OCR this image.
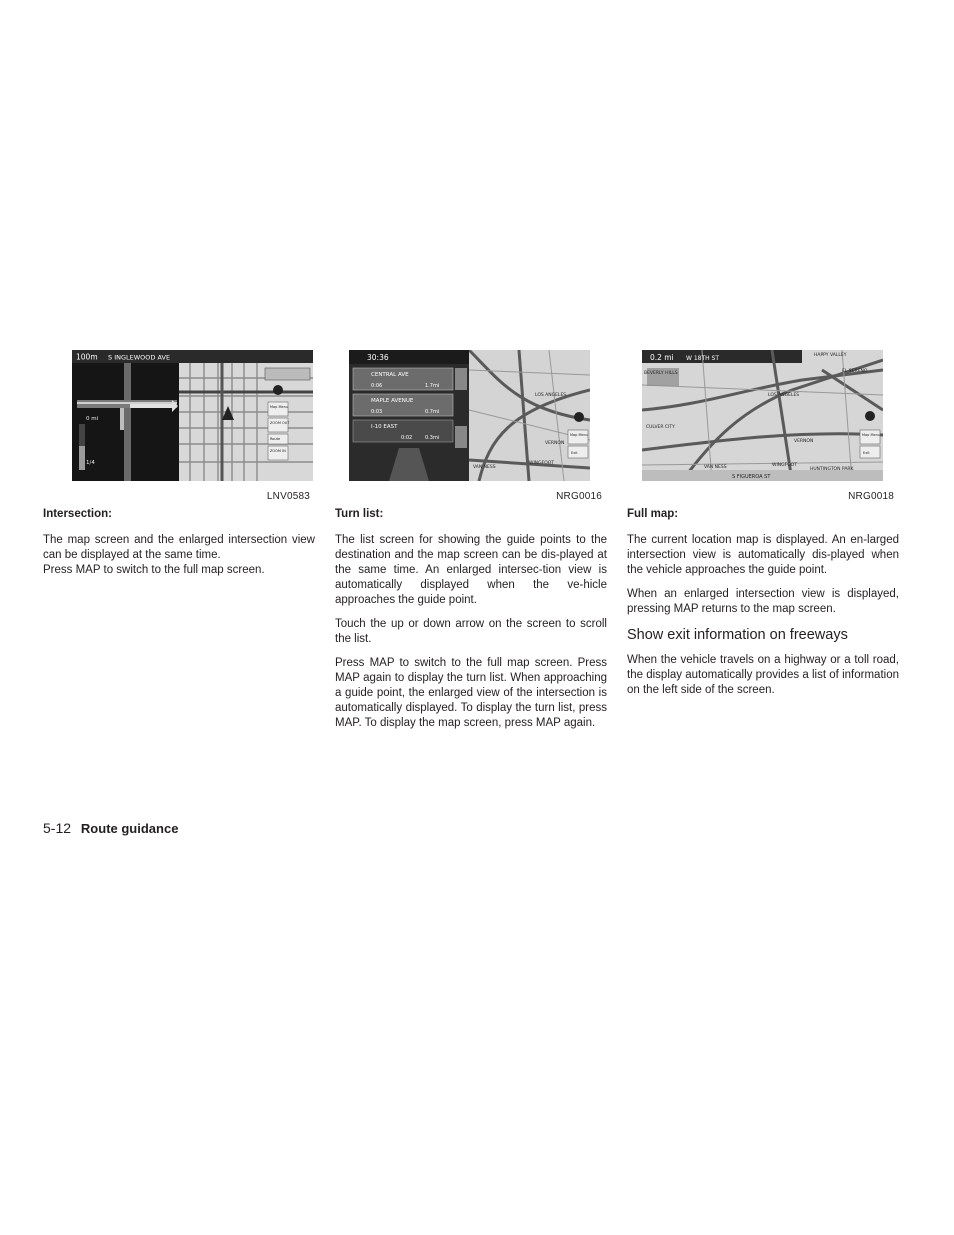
100m S INGLEWOOD AVE
0 mi
1/4
Map Menu
ZOOM OUT
Route
ZOOM IN
LNV0583
Intersection:

The map screen and the enlarged intersection view can be displayed at the same time.
Press MAP to switch to the full map screen.

30:36
CENTRAL AVE
0:06	1.7mi
MAPLE AVENUE
0:03	0.7mi
I-10 EAST
0:02	0.3mi
LOS ANGELES
VERNON
WINGFOOT
VAN NESS
Map Menu
Exit
NRG0016
Turn list:

The list screen for showing the guide points to the destination and the map screen can be dis-played at the same time. An enlarged intersec-tion view is automatically displayed when the ve-hicle approaches the guide point.

Touch the up or down arrow on the screen to scroll the list.

Press MAP to switch to the full map screen. Press MAP again to display the turn list. When approaching a guide point, the enlarged view of the intersection is automatically displayed. To display the turn list, press MAP. To display the map screen, press MAP again.

0.2 mi W 18TH ST	HAPPY VALLEY
BEVERLY HILLS	EL SERENO
LOS ANGELES
CULVER CITY
VERNON
VAN NESS	WINGFOOT
HUNTINGTON PARK
S FIGUEROA ST
Map Menu
Exit
NRG0018
Full map:

The current location map is displayed. An en-larged intersection view is automatically dis-played when the vehicle approaches the guide point.

When an enlarged intersection view is displayed, pressing MAP returns to the map screen.

Show exit information on freeways

When the vehicle travels on a highway or a toll road, the display automatically provides a list of information on the left side of the screen.

5-12 Route guidance
